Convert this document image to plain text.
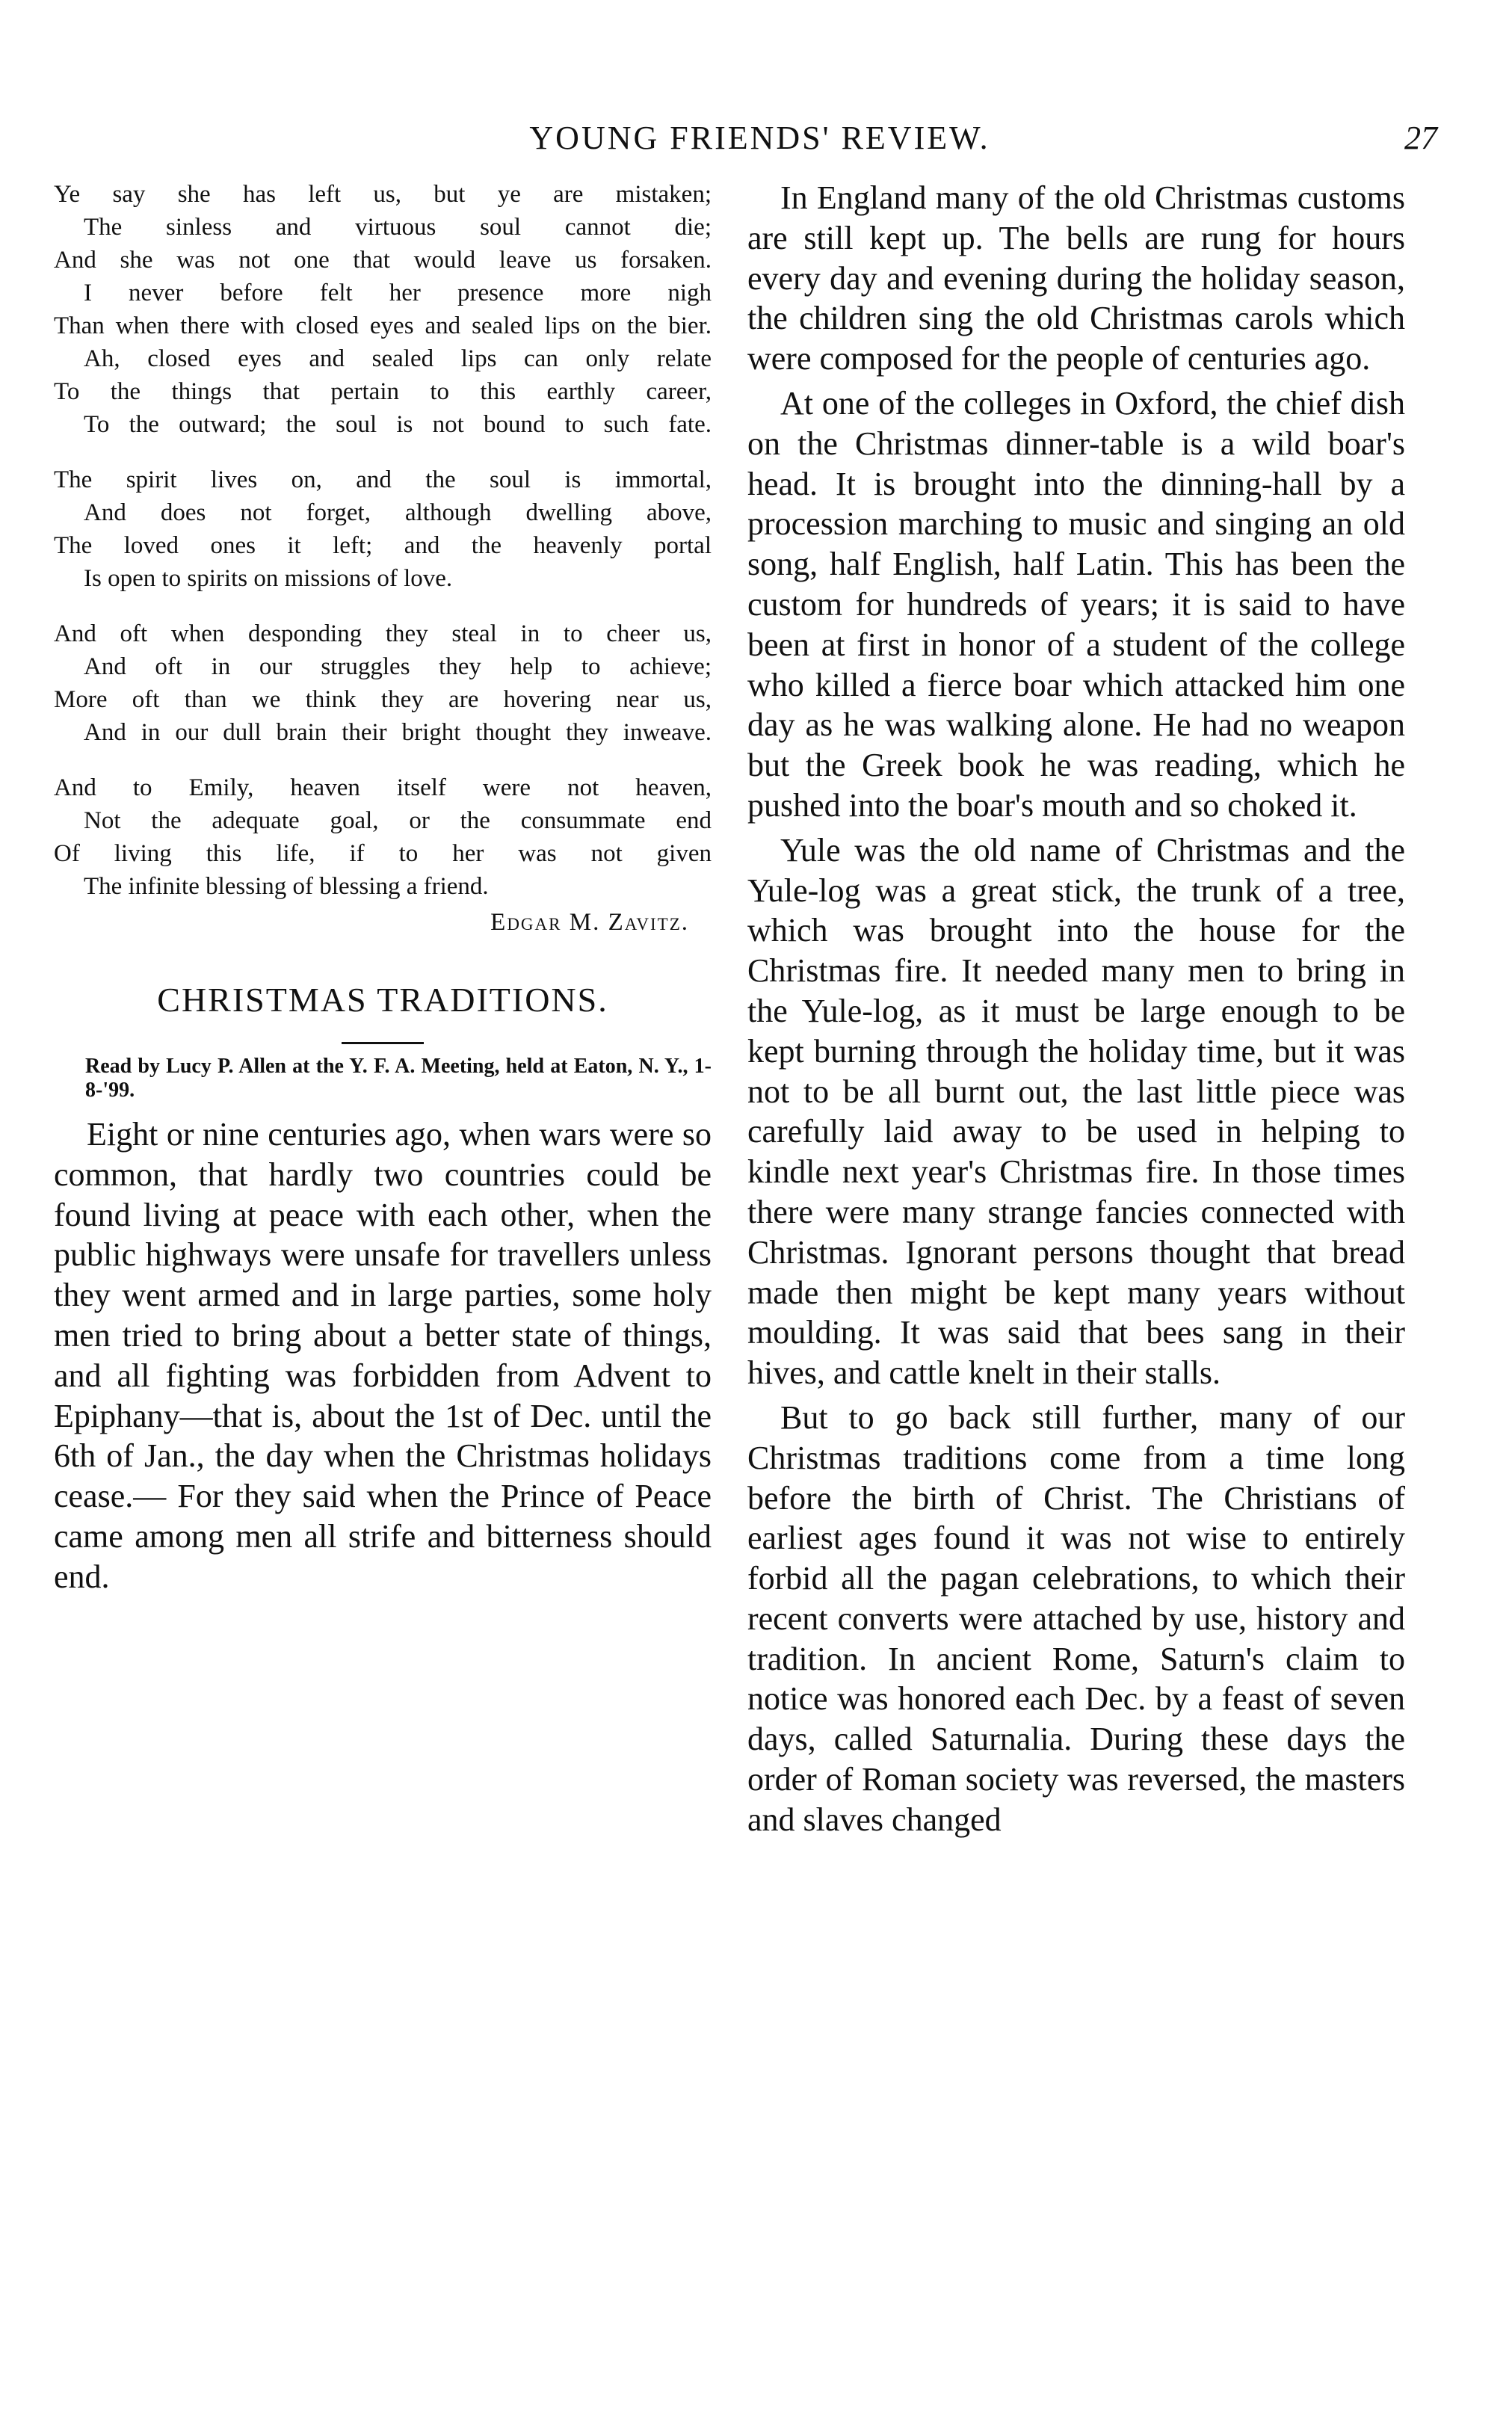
YOUNG FRIENDS' REVIEW.	27
Ye say she has left us, but ye are mistaken;
The sinless and virtuous soul cannot die;
And she was not one that would leave us forsaken.
I never before felt her presence more nigh
Than when there with closed eyes and sealed lips on the bier.
Ah, closed eyes and sealed lips can only relate
To the things that pertain to this earthly career,
To the outward; the soul is not bound to such fate.
The spirit lives on, and the soul is immortal,
And does not forget, although dwelling above,
The loved ones it left; and the heavenly portal
Is open to spirits on missions of love.
And oft when desponding they steal in to cheer us,
And oft in our struggles they help to achieve;
More oft than we think they are hovering near us,
And in our dull brain their bright thought they inweave.
And to Emily, heaven itself were not heaven,
Not the adequate goal, or the consummate end
Of living this life, if to her was not given
The infinite blessing of blessing a friend.
Edgar M. Zavitz.
CHRISTMAS TRADITIONS.
Read by Lucy P. Allen at the Y. F. A. Meeting, held at Eaton, N. Y., 1-8-'99.

Eight or nine centuries ago, when wars were so common, that hardly two countries could be found living at peace with each other, when the public highways were unsafe for travellers unless they went armed and in large parties, some holy men tried to bring about a better state of things, and all fighting was forbidden from Advent to Epiphany—that is, about the 1st of Dec. until the 6th of Jan., the day when the Christmas holidays cease.— For they said when the Prince of Peace came among men all strife and bitterness should end.

In England many of the old Christmas customs are still kept up. The bells are rung for hours every day and evening during the holiday season, the children sing the old Christmas carols which were composed for the people of centuries ago.

At one of the colleges in Oxford, the chief dish on the Christmas dinner-table is a wild boar's head. It is brought into the dinning-hall by a procession marching to music and singing an old song, half English, half Latin. This has been the custom for hundreds of years; it is said to have been at first in honor of a student of the college who killed a fierce boar which attacked him one day as he was walking alone. He had no weapon but the Greek book he was reading, which he pushed into the boar's mouth and so choked it.

Yule was the old name of Christmas and the Yule-log was a great stick, the trunk of a tree, which was brought into the house for the Christmas fire. It needed many men to bring in the Yule-log, as it must be large enough to be kept burning through the holiday time, but it was not to be all burnt out, the last little piece was carefully laid away to be used in helping to kindle next year's Christmas fire. In those times there were many strange fancies connected with Christmas. Ignorant persons thought that bread made then might be kept many years without moulding. It was said that bees sang in their hives, and cattle knelt in their stalls.

But to go back still further, many of our Christmas traditions come from a time long before the birth of Christ. The Christians of earliest ages found it was not wise to entirely forbid all the pagan celebrations, to which their recent converts were attached by use, history and tradition. In ancient Rome, Saturn's claim to notice was honored each Dec. by a feast of seven days, called Saturnalia. During these days the order of Roman society was reversed, the masters and slaves changed
